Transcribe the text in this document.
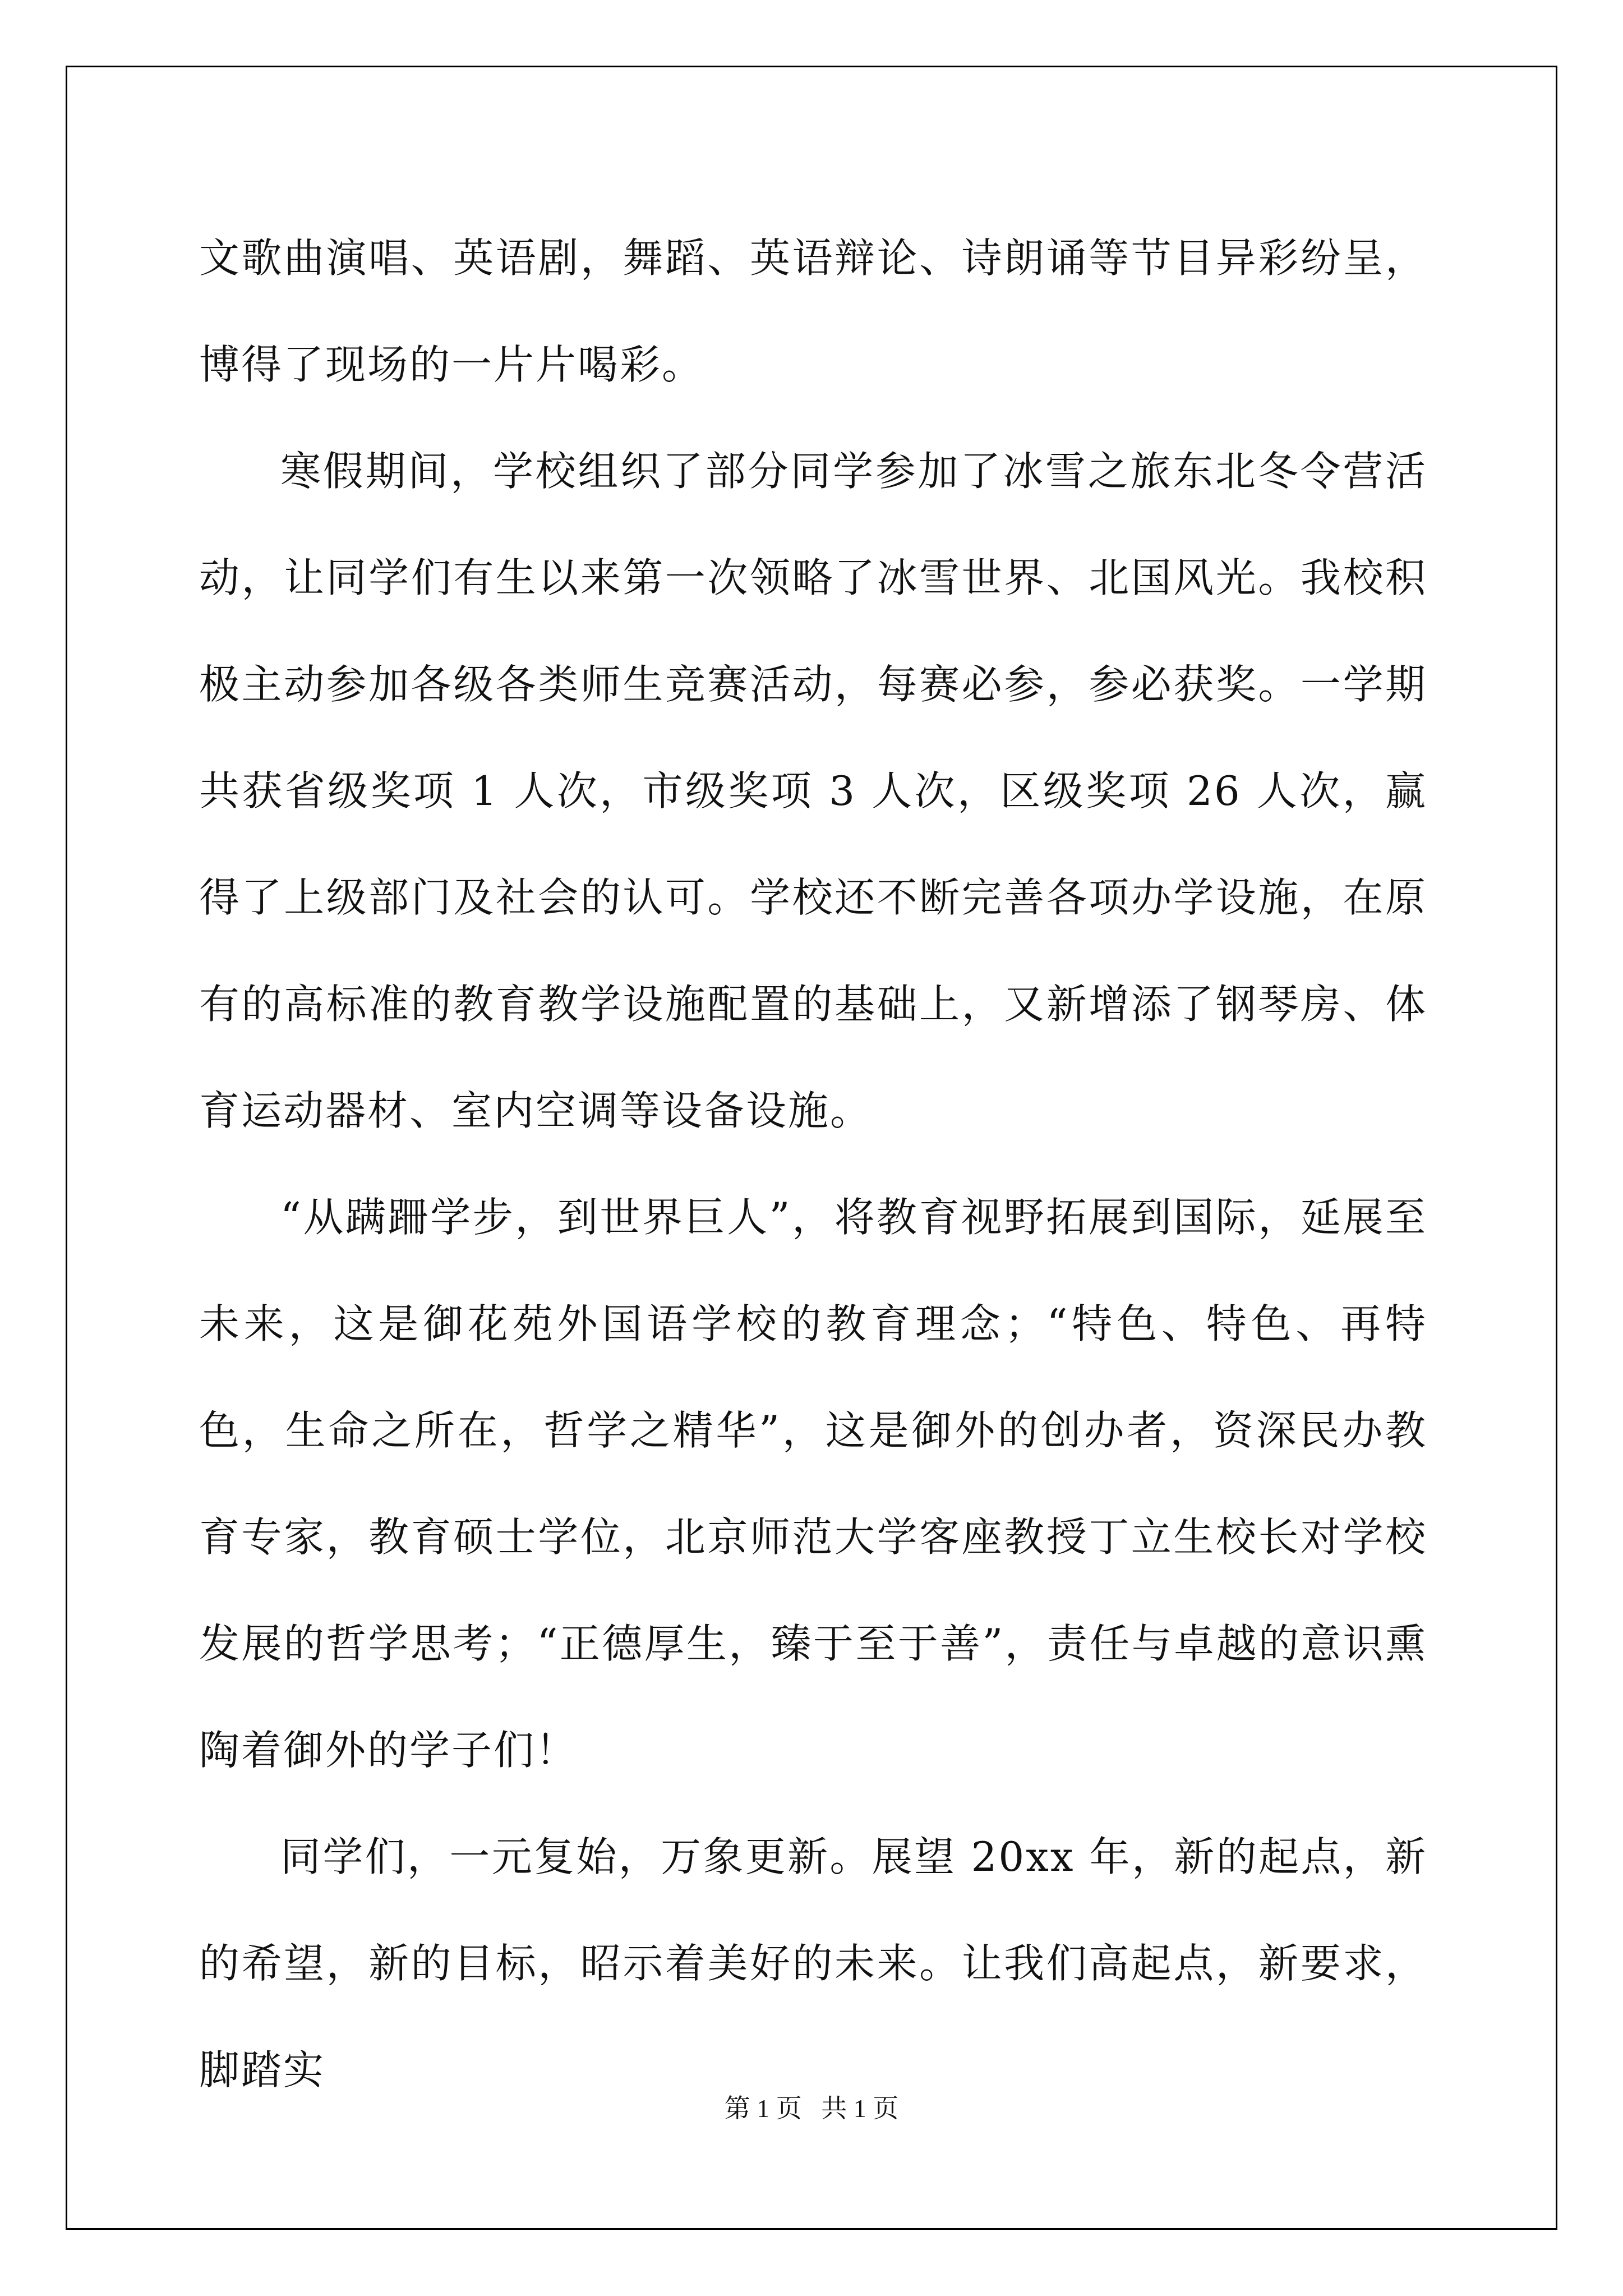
文歌曲演唱、英语剧，舞蹈、英语辩论、诗朗诵等节目异彩纷呈，博得了现场的一片片喝彩。

寒假期间，学校组织了部分同学参加了冰雪之旅东北冬令营活动，让同学们有生以来第一次领略了冰雪世界、北国风光。我校积极主动参加各级各类师生竞赛活动，每赛必参，参必获奖。一学期共获省级奖项 1 人次，市级奖项 3 人次，区级奖项 26 人次，赢得了上级部门及社会的认可。学校还不断完善各项办学设施，在原有的高标准的教育教学设施配置的基础上，又新增添了钢琴房、体育运动器材、室内空调等设备设施。

“从蹒跚学步，到世界巨人”，将教育视野拓展到国际，延展至未来，这是御花苑外国语学校的教育理念；“特色、特色、再特色，生命之所在，哲学之精华”，这是御外的创办者，资深民办教育专家，教育硕士学位，北京师范大学客座教授丁立生校长对学校发展的哲学思考；“正德厚生，臻于至于善”，责任与卓越的意识熏陶着御外的学子们！

同学们，一元复始，万象更新。展望 20xx 年，新的起点，新的希望，新的目标，昭示着美好的未来。让我们高起点，新要求，脚踏实

第 1 页   共 1 页
